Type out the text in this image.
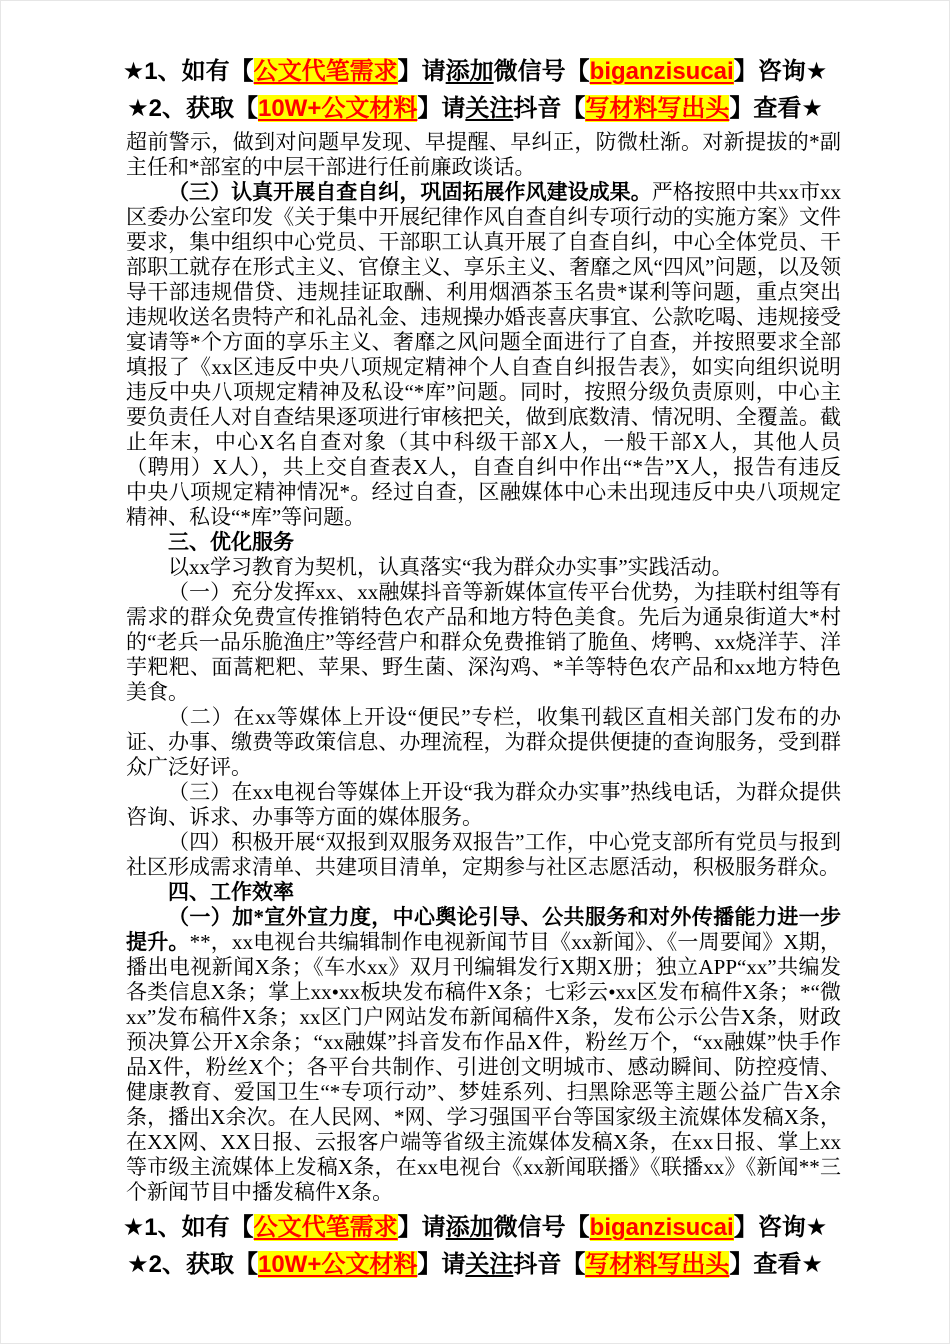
★1、如有【公文代笔需求】请添加微信号【biganzisucai】咨询★

★2、获取【10W+公文材料】请关注抖音【写材料写出头】查看★

超前警示，做到对问题早发现、早提醒、早纠正，防微杜渐。对新提拔的*副主任和*部室的中层干部进行任前廉政谈话。

（三）认真开展自查自纠，巩固拓展作风建设成果。严格按照中共xx市xx区委办公室印发《关于集中开展纪律作风自查自纠专项行动的实施方案》文件要求，集中组织中心党员、干部职工认真开展了自查自纠，中心全体党员、干部职工就存在形式主义、官僚主义、享乐主义、奢靡之风“四风”问题，以及领导干部违规借贷、违规挂证取酬、利用烟酒茶玉名贵*谋利等问题，重点突出违规收送名贵特产和礼品礼金、违规操办婚丧喜庆事宜、公款吃喝、违规接受宴请等*个方面的享乐主义、奢靡之风问题全面进行了自查，并按照要求全部填报了《xx区违反中央八项规定精神个人自查自纠报告表》，如实向组织说明违反中央八项规定精神及私设“*库”问题。同时，按照分级负责原则，中心主要负责任人对自查结果逐项进行审核把关，做到底数清、情况明、全覆盖。截止年末，中心X名自查对象（其中科级干部X人，一般干部X人，其他人员（聘用）X人），共上交自查表X人，自查自纠中作出“*告”X人，报告有违反中央八项规定精神情况*。经过自查，区融媒体中心未出现违反中央八项规定精神、私设“*库”等问题。

三、优化服务

以xx学习教育为契机，认真落实“我为群众办实事”实践活动。

（一）充分发挥xx、xx融媒抖音等新媒体宣传平台优势，为挂联村组等有需求的群众免费宣传推销特色农产品和地方特色美食。先后为通泉街道大*村的“老兵一品乐脆渔庄”等经营户和群众免费推销了脆鱼、烤鸭、xx烧洋芋、洋芋粑粑、面蒿粑粑、苹果、野生菌、深沟鸡、*羊等特色农产品和xx地方特色美食。

（二）在xx等媒体上开设“便民”专栏，收集刊载区直相关部门发布的办证、办事、缴费等政策信息、办理流程，为群众提供便捷的查询服务，受到群众广泛好评。

（三）在xx电视台等媒体上开设“我为群众办实事”热线电话，为群众提供咨询、诉求、办事等方面的媒体服务。

（四）积极开展“双报到双服务双报告”工作，中心党支部所有党员与报到社区形成需求清单、共建项目清单，定期参与社区志愿活动，积极服务群众。

四、工作效率

（一）加*宣外宣力度，中心舆论引导、公共服务和对外传播能力进一步提升。**，xx电视台共编辑制作电视新闻节目《xx新闻》、《一周要闻》X期，播出电视新闻X条；《车水xx》双月刊编辑发行X期X册；独立APP“xx”共编发各类信息X条；掌上xx•xx板块发布稿件X条；七彩云•xx区发布稿件X条；*“微xx”发布稿件X条；xx区门户网站发布新闻稿件X条，发布公示公告X条，财政预决算公开X余条；“xx融媒”抖音发布作品X件，粉丝万个，“xx融媒”快手作品X件，粉丝X个；各平台共制作、引进创文明城市、感动瞬间、防控疫情、健康教育、爱国卫生“*专项行动”、梦娃系列、扫黑除恶等主题公益广告X余条，播出X余次。在人民网、*网、学习强国平台等国家级主流媒体发稿X条，在XX网、XX日报、云报客户端等省级主流媒体发稿X条，在xx日报、掌上xx等市级主流媒体上发稿X条，在xx电视台《xx新闻联播》《联播xx》《新闻**三个新闻节目中播发稿件X条。

★1、如有【公文代笔需求】请添加微信号【biganzisucai】咨询★

★2、获取【10W+公文材料】请关注抖音【写材料写出头】查看★
